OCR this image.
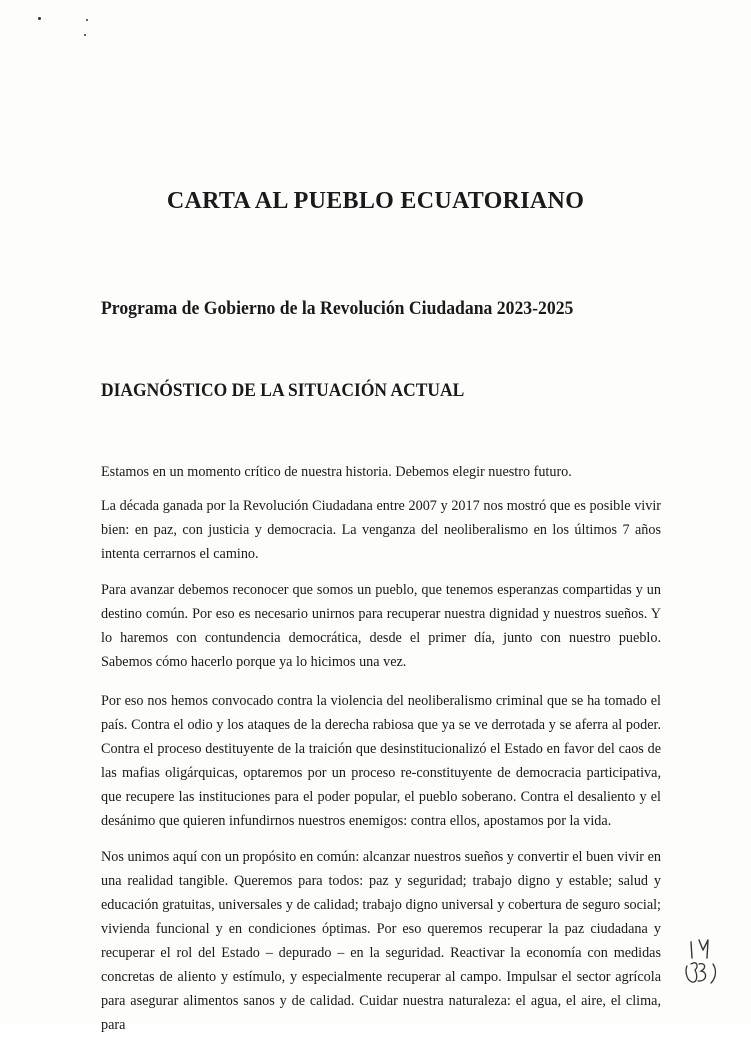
CARTA AL PUEBLO ECUATORIANO
Programa de Gobierno de la Revolución Ciudadana 2023-2025
DIAGNÓSTICO DE LA SITUACIÓN ACTUAL

Estamos en un momento crítico de nuestra historia. Debemos elegir nuestro futuro.

La década ganada por la Revolución Ciudadana entre 2007 y 2017 nos mostró que es posible vivir bien: en paz, con justicia y democracia. La venganza del neoliberalismo en los últimos 7 años intenta cerrarnos el camino.

Para avanzar debemos reconocer que somos un pueblo, que tenemos esperanzas compartidas y un destino común. Por eso es necesario unirnos para recuperar nuestra dignidad y nuestros sueños. Y lo haremos con contundencia democrática, desde el primer día, junto con nuestro pueblo. Sabemos cómo hacerlo porque ya lo hicimos una vez.

Por eso nos hemos convocado contra la violencia del neoliberalismo criminal que se ha tomado el país. Contra el odio y los ataques de la derecha rabiosa que ya se ve derrotada y se aferra al poder. Contra el proceso destituyente de la traición que desinstitucionalizó el Estado en favor del caos de las mafias oligárquicas, optaremos por un proceso re-constituyente de democracia participativa, que recupere las instituciones para el poder popular, el pueblo soberano. Contra el desaliento y el desánimo que quieren infundirnos nuestros enemigos: contra ellos, apostamos por la vida.

Nos unimos aquí con un propósito en común: alcanzar nuestros sueños y convertir el buen vivir en una realidad tangible. Queremos para todos: paz y seguridad; trabajo digno y estable; salud y educación gratuitas, universales y de calidad; trabajo digno universal y cobertura de seguro social; vivienda funcional y en condiciones óptimas. Por eso queremos recuperar la paz ciudadana y recuperar el rol del Estado – depurado – en la seguridad. Reactivar la economía con medidas concretas de aliento y estímulo, y especialmente recuperar al campo. Impulsar el sector agrícola para asegurar alimentos sanos y de calidad. Cuidar nuestra naturaleza: el agua, el aire, el clima, para
